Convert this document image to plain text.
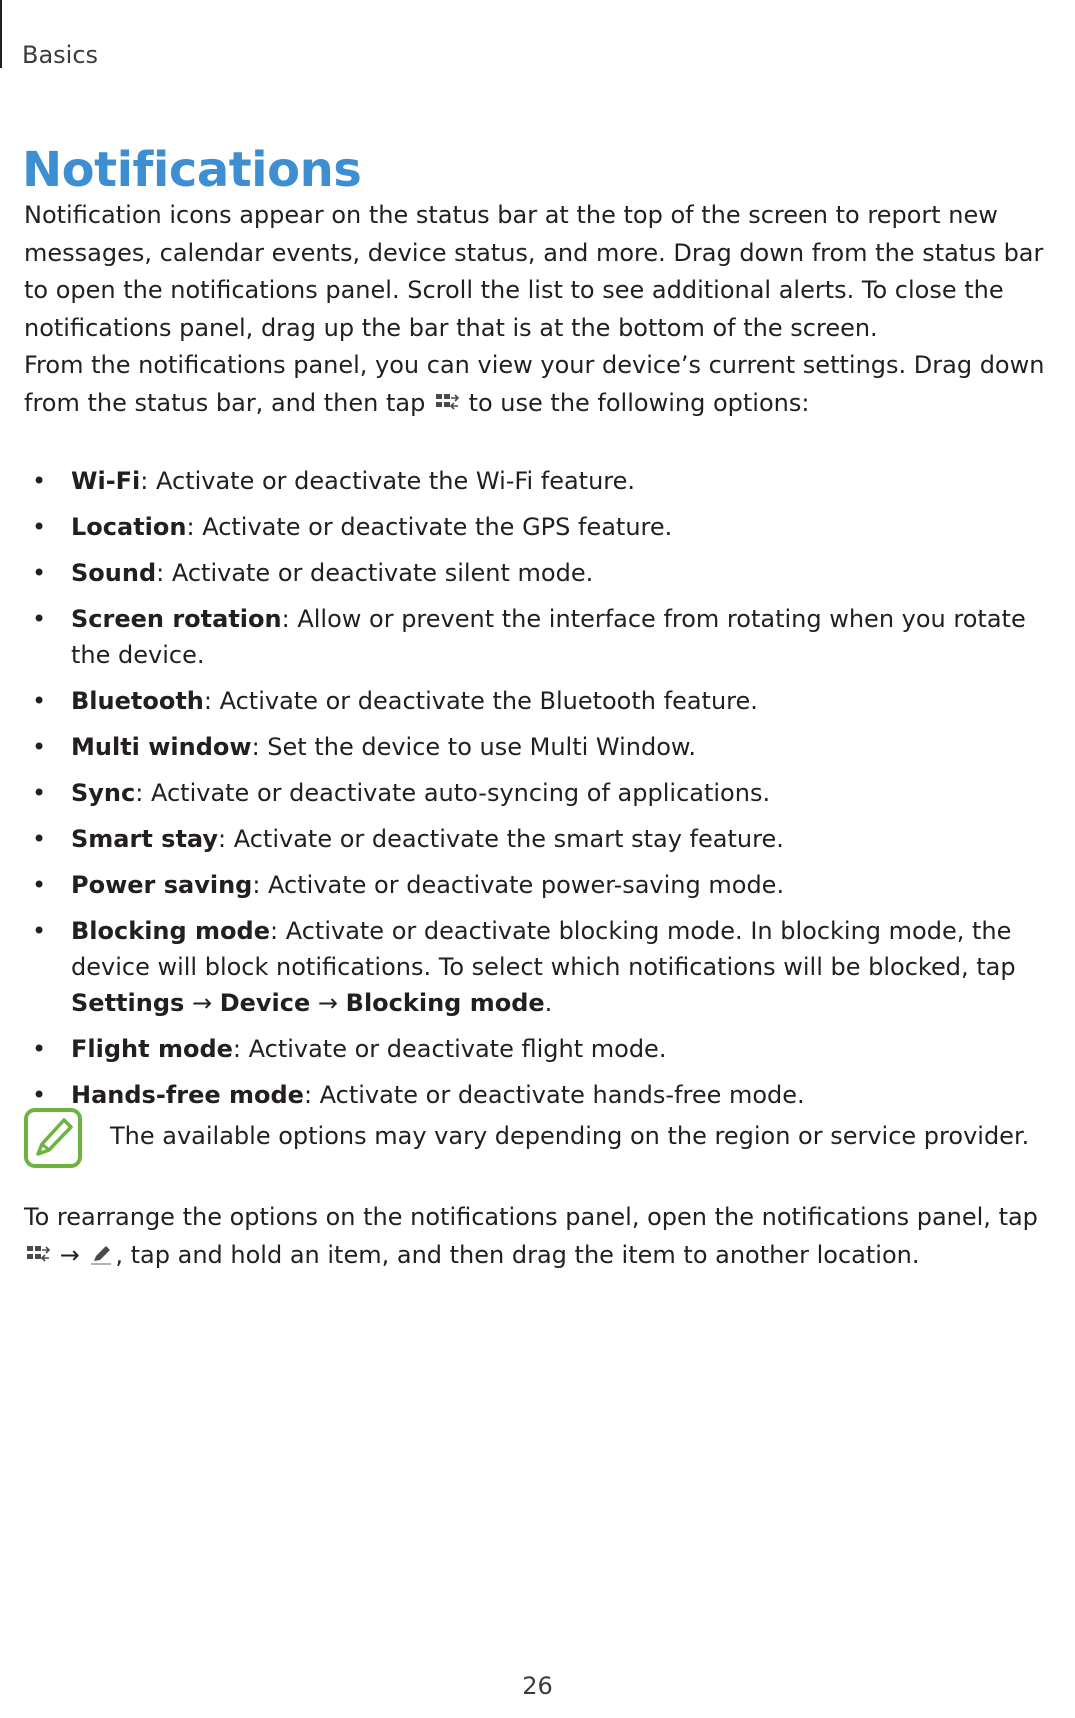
Basics
Notifications

Notification icons appear on the status bar at the top of the screen to report new messages, calendar events, device status, and more. Drag down from the status bar to open the notifications panel. Scroll the list to see additional alerts. To close the notifications panel, drag up the bar that is at the bottom of the screen.

From the notifications panel, you can view your device’s current settings. Drag down from the status bar, and then tap to use the following options:

• Wi-Fi: Activate or deactivate the Wi-Fi feature.
• Location: Activate or deactivate the GPS feature.
• Sound: Activate or deactivate silent mode.
• Screen rotation: Allow or prevent the interface from rotating when you rotate the device.
• Bluetooth: Activate or deactivate the Bluetooth feature.
• Multi window: Set the device to use Multi Window.
• Sync: Activate or deactivate auto-syncing of applications.
• Smart stay: Activate or deactivate the smart stay feature.
• Power saving: Activate or deactivate power-saving mode.
• Blocking mode: Activate or deactivate blocking mode. In blocking mode, the device will block notifications. To select which notifications will be blocked, tap Settings → Device → Blocking mode.
• Flight mode: Activate or deactivate flight mode.
• Hands-free mode: Activate or deactivate hands-free mode.
The available options may vary depending on the region or service provider.

To rearrange the options on the notifications panel, open the notifications panel, tap
→ , tap and hold an item, and then drag the item to another location.

26
